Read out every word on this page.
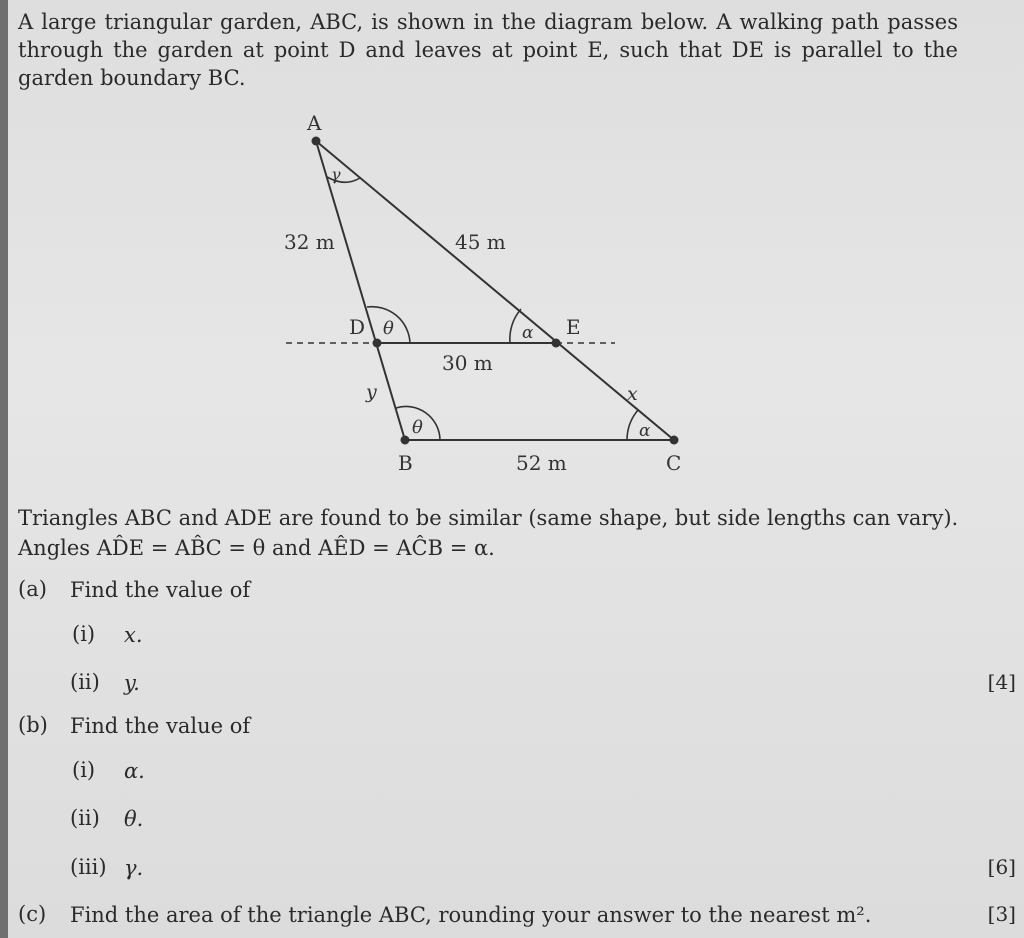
A large triangular garden, ABC, is shown in the diagram below. A walking path passes through the garden at point D and leaves at point E, such that DE is parallel to the garden boundary BC.
A
D	E
B	C
32 m	45 m
30 m
52 m
x
y
γ
θ	α
θ	α
Triangles ABC and ADE are found to be similar (same shape, but side lengths can vary).
Angles AD̂E = AB̂C = θ and AÊD = AĈB = α.
(a) Find the value of
(i) x.
(ii) y.	[4]
(b) Find the value of
(i) α.
(ii) θ.
(iii) γ.	[6]
(c) Find the area of the triangle ABC, rounding your answer to the nearest m².	[3]
